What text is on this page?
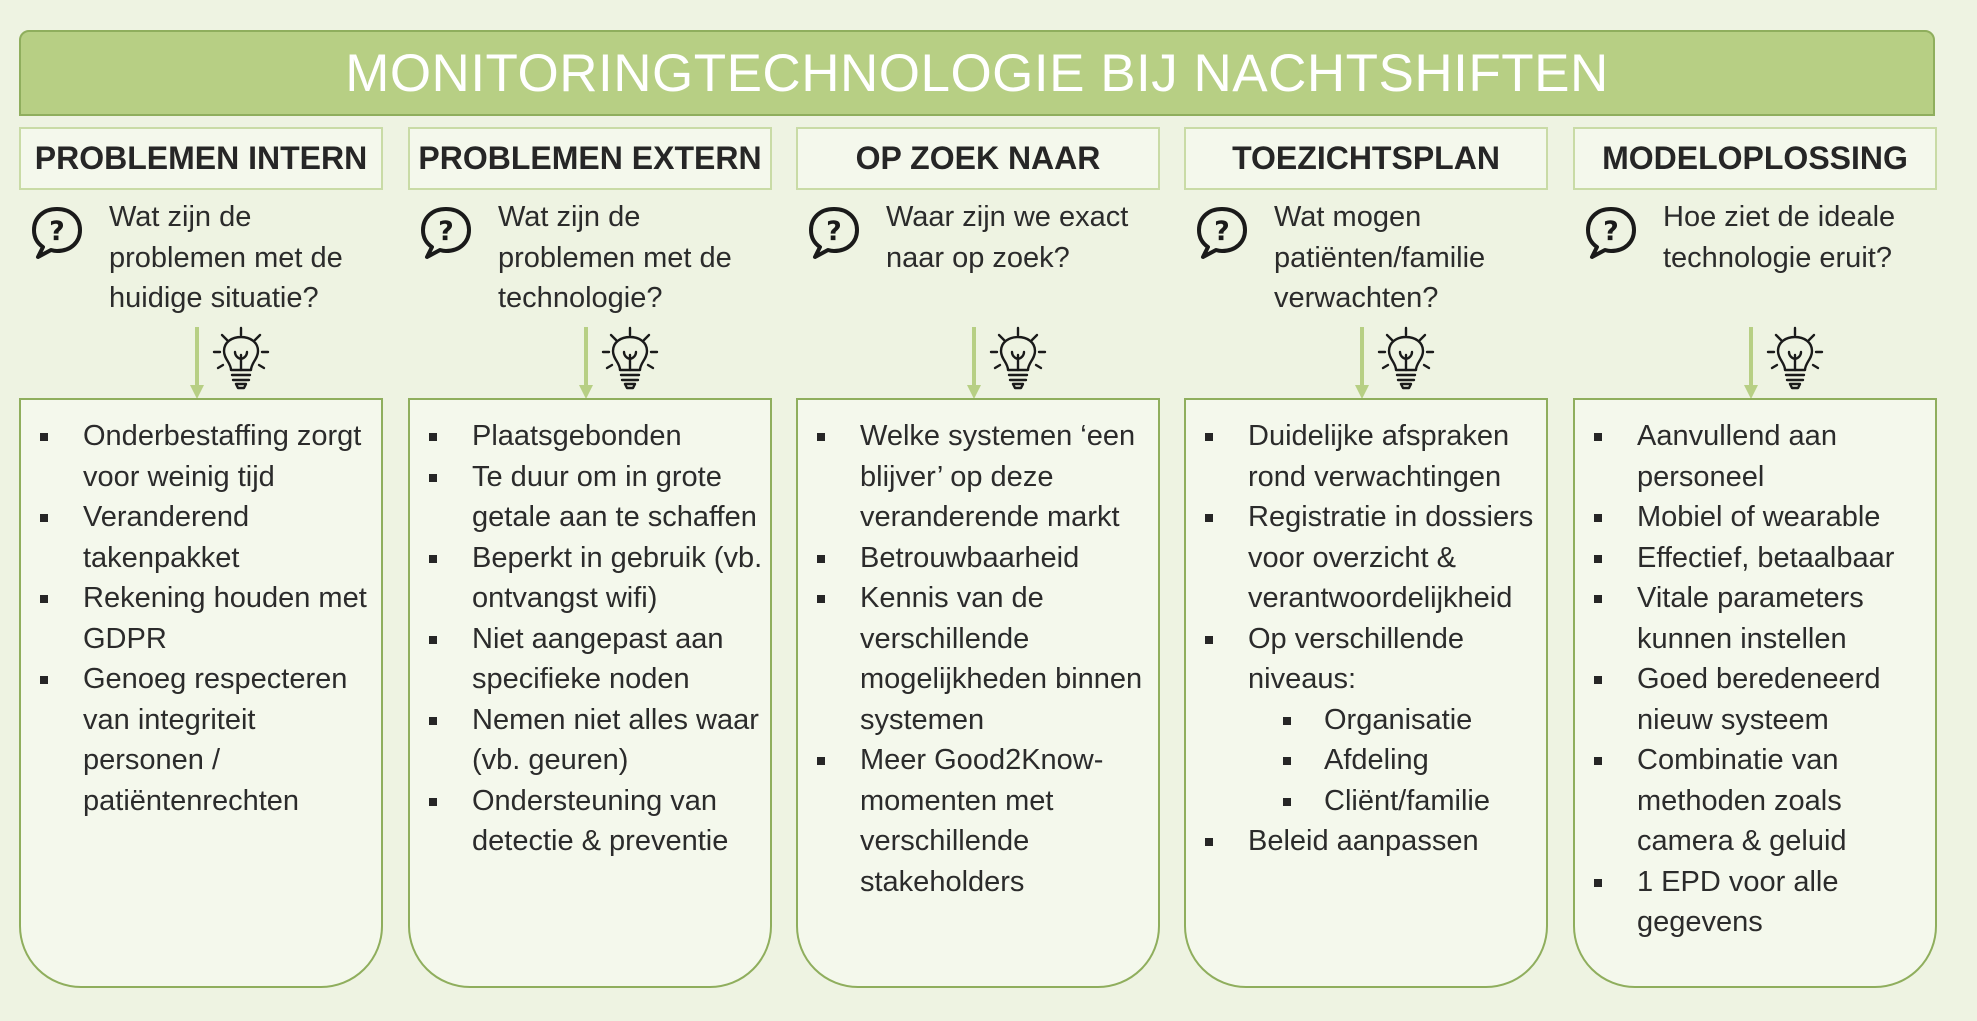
MONITORINGTECHNOLOGIE BIJ NACHTSHIFTEN
PROBLEMEN INTERN
? Wat zijn de problemen met de huidige situatie?
Onderbestaffing zorgt voor weinig tijd
Veranderend takenpakket
Rekening houden met GDPR
Genoeg respecteren van integriteit personen / patiëntenrechten
PROBLEMEN EXTERN
? Wat zijn de problemen met de technologie?
Plaatsgebonden
Te duur om in grote getale aan te schaffen
Beperkt in gebruik (vb. ontvangst wifi)
Niet aangepast aan specifieke noden
Nemen niet alles waar (vb. geuren)
Ondersteuning van detectie & preventie
OP ZOEK NAAR
? Waar zijn we exact naar op zoek?
Welke systemen ‘een blijver’ op deze veranderende markt
Betrouwbaarheid
Kennis van de verschillende mogelijkheden binnen systemen
Meer Good2Know-momenten met verschillende stakeholders
TOEZICHTSPLAN
? Wat mogen patiënten/familie verwachten?
Duidelijke afspraken rond verwachtingen
Registratie in dossiers voor overzicht & verantwoordelijkheid
Op verschillende niveaus:
Organisatie
Afdeling
Cliënt/familie
Beleid aanpassen
MODELOPLOSSING
? Hoe ziet de ideale technologie eruit?
Aanvullend aan personeel
Mobiel of wearable
Effectief, betaalbaar
Vitale parameters kunnen instellen
Goed beredeneerd nieuw systeem
Combinatie van methoden zoals camera & geluid
1 EPD voor alle gegevens
